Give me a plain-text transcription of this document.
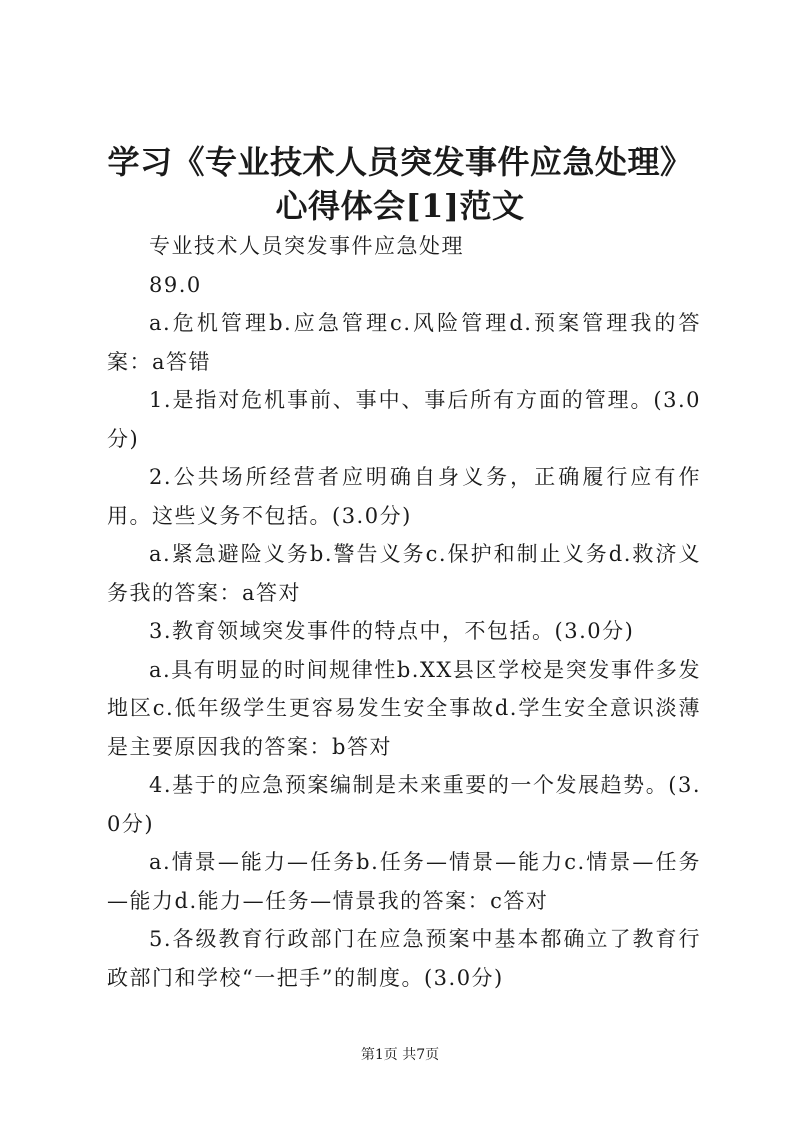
学习《专业技术人员突发事件应急处理》心得体会[1]范文

专业技术人员突发事件应急处理

89.0

a.危机管理b.应急管理c.风险管理d.预案管理我的答案：a答错

1.是指对危机事前、事中、事后所有方面的管理。(3.0分)

2.公共场所经营者应明确自身义务，正确履行应有作用。这些义务不包括。(3.0分)

a.紧急避险义务b.警告义务c.保护和制止义务d.救济义务我的答案：a答对

3.教育领域突发事件的特点中，不包括。(3.0分)

a.具有明显的时间规律性b.XX县区学校是突发事件多发地区c.低年级学生更容易发生安全事故d.学生安全意识淡薄是主要原因我的答案：b答对

4.基于的应急预案编制是未来重要的一个发展趋势。(3.0分)

a.情景—能力—任务b.任务—情景—能力c.情景—任务—能力d.能力—任务—情景我的答案：c答对

5.各级教育行政部门在应急预案中基本都确立了教育行政部门和学校“一把手”的制度。(3.0分)

第1页 共7页
